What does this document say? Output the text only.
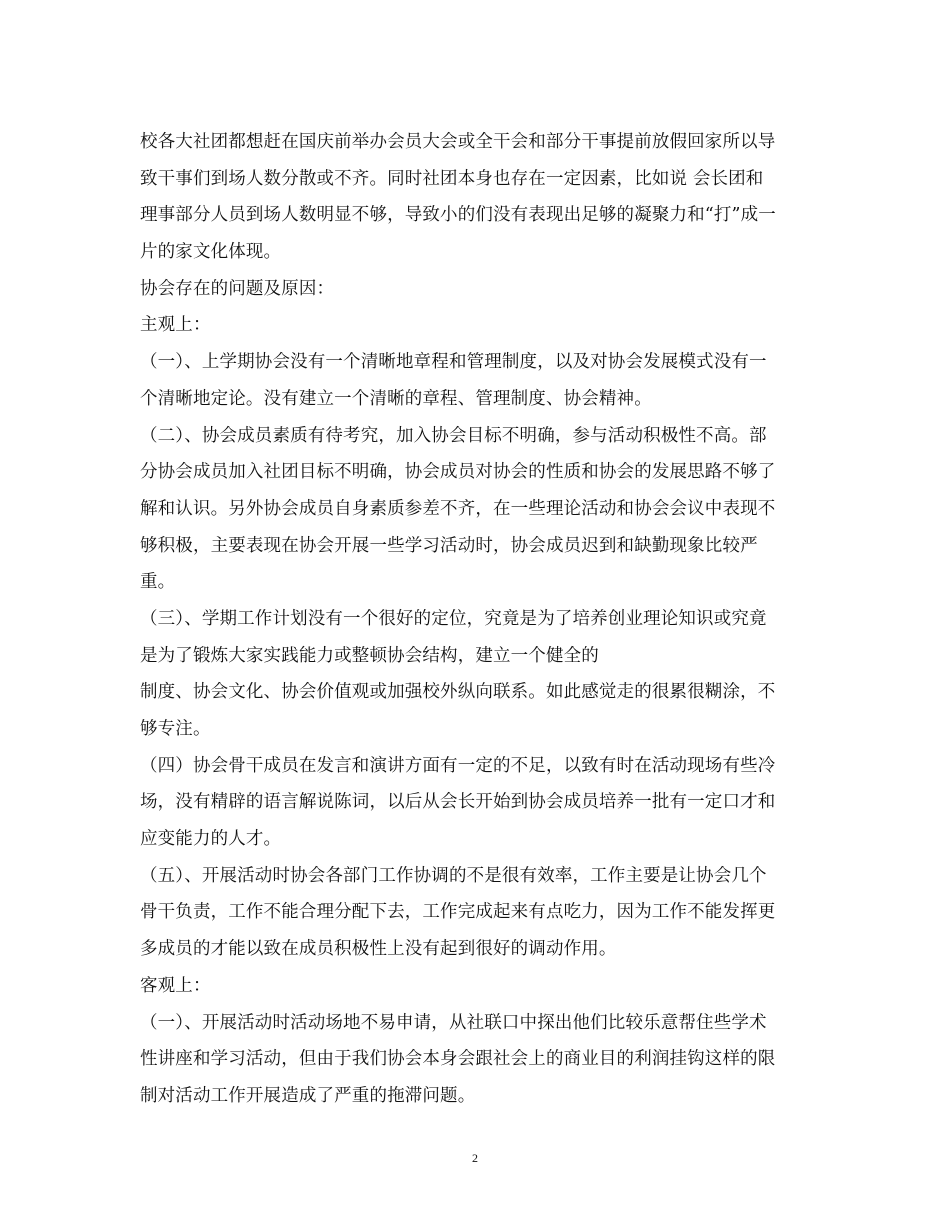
校各大社团都想赶在国庆前举办会员大会或全干会和部分干事提前放假回家所以导
致干事们到场人数分散或不齐。同时社团本身也存在一定因素，比如说 会长团和
理事部分人员到场人数明显不够，导致小的们没有表现出足够的凝聚力和“打”成一
片的家文化体现。
协会存在的问题及原因：
主观上：
（一）、上学期协会没有一个清晰地章程和管理制度，以及对协会发展模式没有一
个清晰地定论。没有建立一个清晰的章程、管理制度、协会精神。
（二）、协会成员素质有待考究，加入协会目标不明确，参与活动积极性不高。部
分协会成员加入社团目标不明确，协会成员对协会的性质和协会的发展思路不够了
解和认识。另外协会成员自身素质参差不齐，在一些理论活动和协会会议中表现不
够积极，主要表现在协会开展一些学习活动时，协会成员迟到和缺勤现象比较严
重。
（三）、学期工作计划没有一个很好的定位，究竟是为了培养创业理论知识或究竟
是为了锻炼大家实践能力或整顿协会结构，建立一个健全的
制度、协会文化、协会价值观或加强校外纵向联系。如此感觉走的很累很糊涂，不
够专注。
（四）协会骨干成员在发言和演讲方面有一定的不足，以致有时在活动现场有些冷
场，没有精辟的语言解说陈词，以后从会长开始到协会成员培养一批有一定口才和
应变能力的人才。
（五）、开展活动时协会各部门工作协调的不是很有效率，工作主要是让协会几个
骨干负责，工作不能合理分配下去，工作完成起来有点吃力，因为工作不能发挥更
多成员的才能以致在成员积极性上没有起到很好的调动作用。
客观上：
（一）、开展活动时活动场地不易申请，从社联口中探出他们比较乐意帮住些学术
性讲座和学习活动，但由于我们协会本身会跟社会上的商业目的利润挂钩这样的限
制对活动工作开展造成了严重的拖滞问题。
2
